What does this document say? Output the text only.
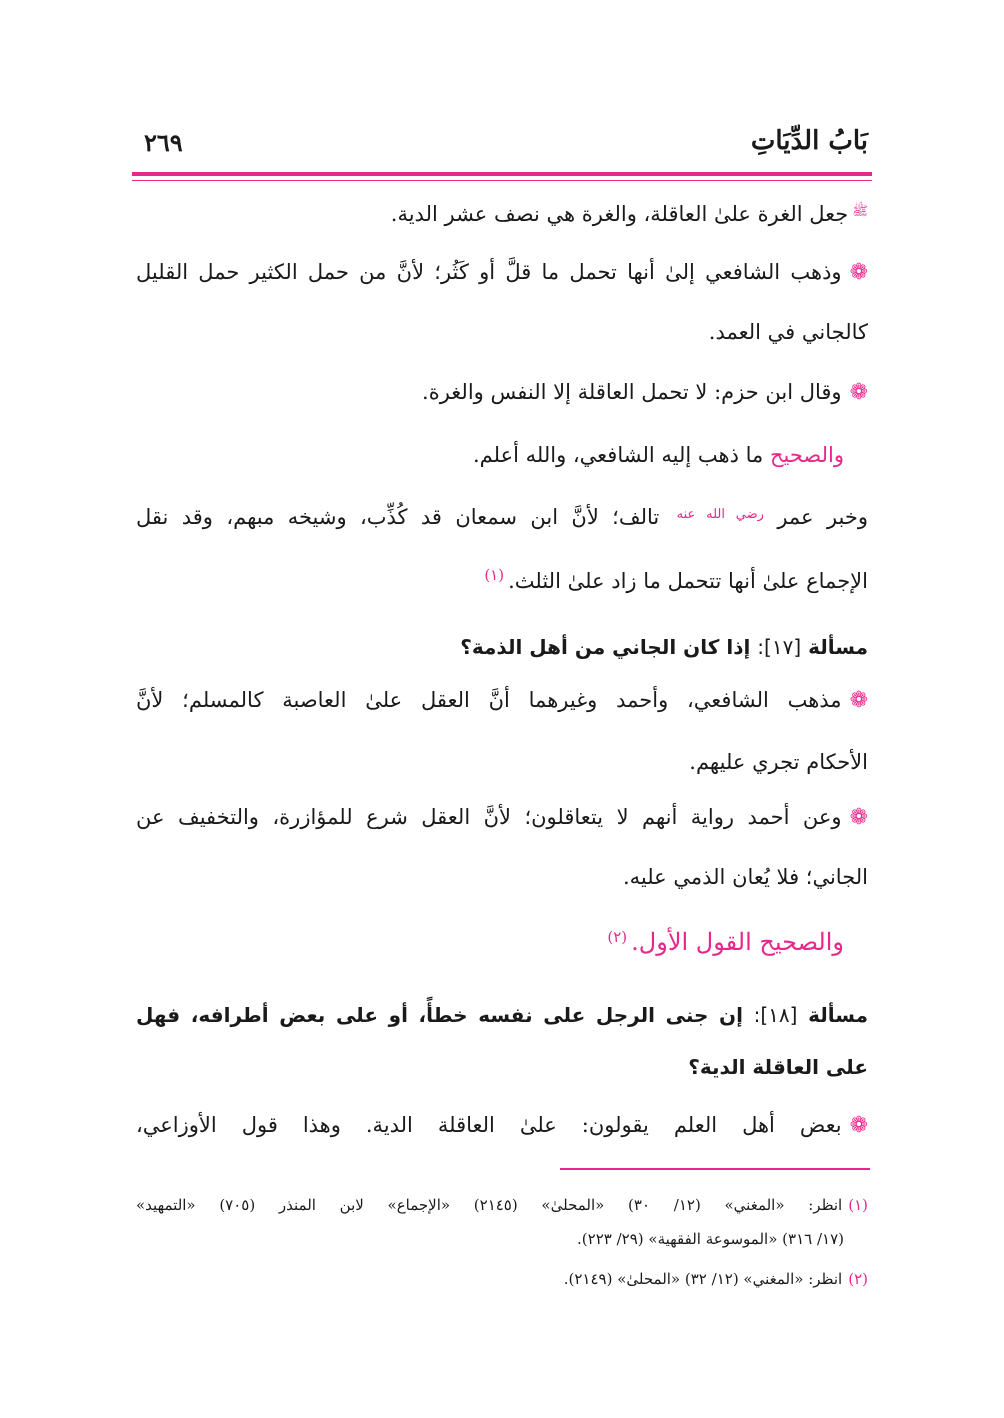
بَابُ الدِّيَاتِ
٢٦٩
$^ﷺ$جعل الغرة علىٰ العاقلة، والغرة هي نصف عشر الدية.
❁وذهب الشافعي إلىٰ أنها تحمل ما قلَّ أو كَثُر؛ لأنَّ من حمل الكثير حمل القليل
كالجاني في العمد.
❁وقال ابن حزم: لا تحمل العاقلة إلا النفس والغرة.
والصحيح ما ذهب إليه الشافعي، والله أعلم.
وخبر عمر $^{رضي الله عنه}$ تالف؛ لأنَّ ابن سمعان قد كُذِّب، وشيخه مبهم، وقد نقل
الإجماع علىٰ أنها تتحمل ما زاد علىٰ الثلث.$^{(١)}$
مسألة [١٧]: إذا كان الجاني من أهل الذمة؟
❁مذهب الشافعي، وأحمد وغيرهما أنَّ العقل علىٰ العاصبة كالمسلم؛ لأنَّ
الأحكام تجري عليهم.
❁وعن أحمد رواية أنهم لا يتعاقلون؛ لأنَّ العقل شرع للمؤازرة، والتخفيف عن
الجاني؛ فلا يُعان الذمي عليه.
والصحيح القول الأول.$^{(٢)}$
مسألة [١٨]: إن جنى الرجل على نفسه خطأً، أو على بعض أطرافه، فهل
على العاقلة الدية؟
❁بعض أهل العلم يقولون: علىٰ العاقلة الدية. وهذا قول الأوزاعي،
(١)انظر: «المغني» (١٢/ ٣٠) «المحلىٰ» (٢١٤٥) «الإجماع» لابن المنذر (٧٠٥) «التمهيد»
(١٧/ ٣١٦) «الموسوعة الفقهية» (٢٩/ ٢٢٣).
(٢)انظر: «المغني» (١٢/ ٣٢) «المحلىٰ» (٢١٤٩).
